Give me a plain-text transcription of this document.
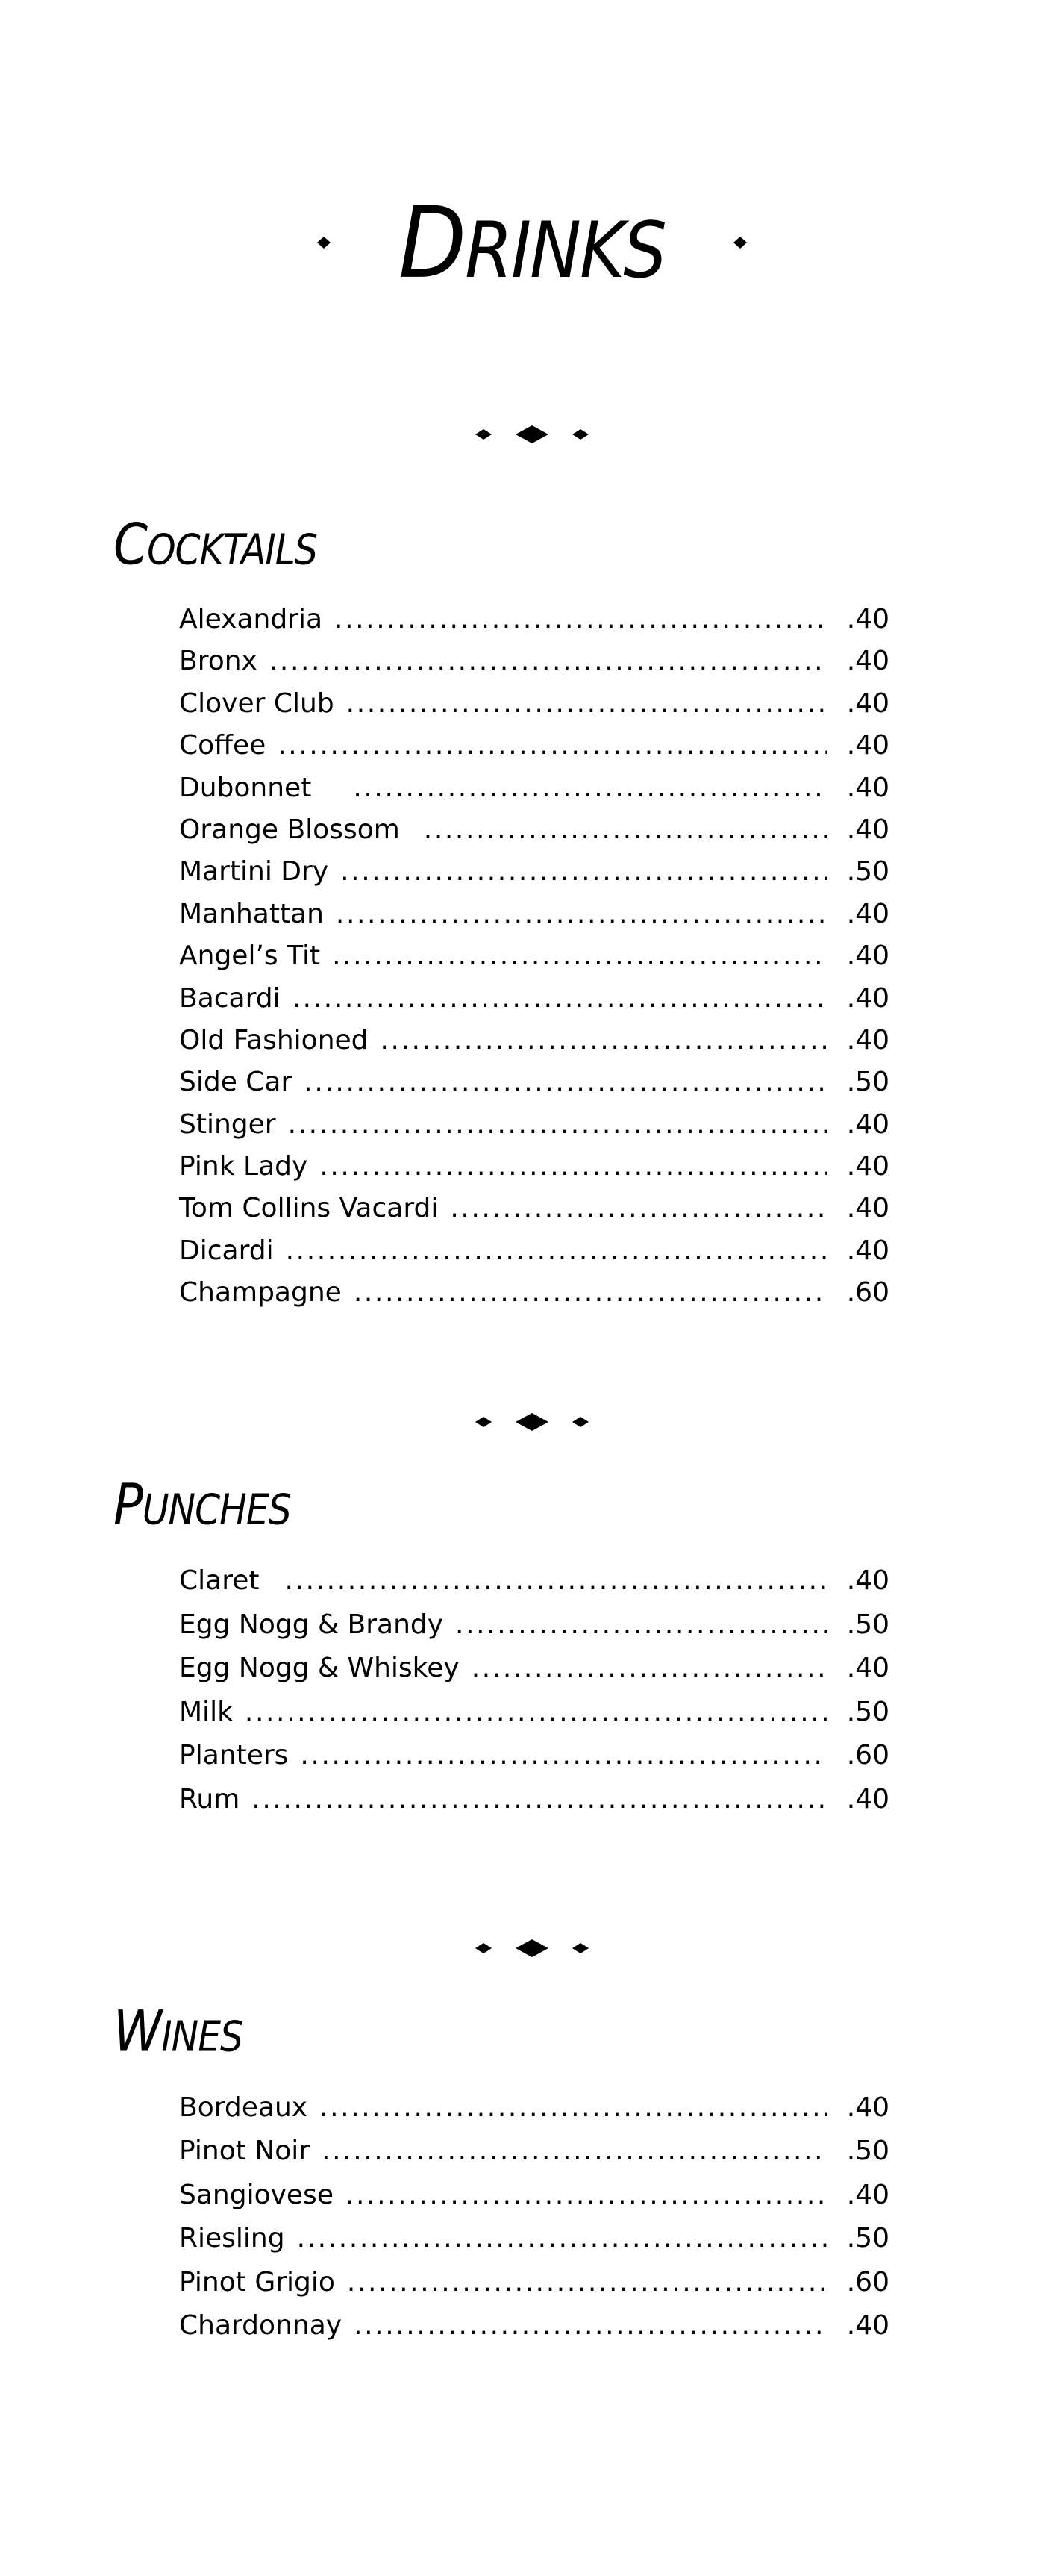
DRINKS
COCKTAILS
Alexandria .....	.40
Bronx .....	.40
Clover Club .....	.40
Coffee .....	.40
Dubonnet .....	.40
Orange Blossom .....	.40
Martini Dry .....	.50
Manhattan .....	.40
Angel’s Tit .....	.40
Bacardi .....	.40
Old Fashioned .....	.40
Side Car .....	.50
Stinger .....	.40
Pink Lady .....	.40
Tom Collins Vacardi .....	.40
Dicardi .....	.40
Champagne .....	.60
PUNCHES
Claret .....	.40
Egg Nogg & Brandy .....	.50
Egg Nogg & Whiskey .....	.40
Milk .....	.50
Planters .....	.60
Rum .....	.40
WINES
Bordeaux .....	.40
Pinot Noir .....	.50
Sangiovese .....	.40
Riesling .....	.50
Pinot Grigio .....	.60
Chardonnay .....	.40
